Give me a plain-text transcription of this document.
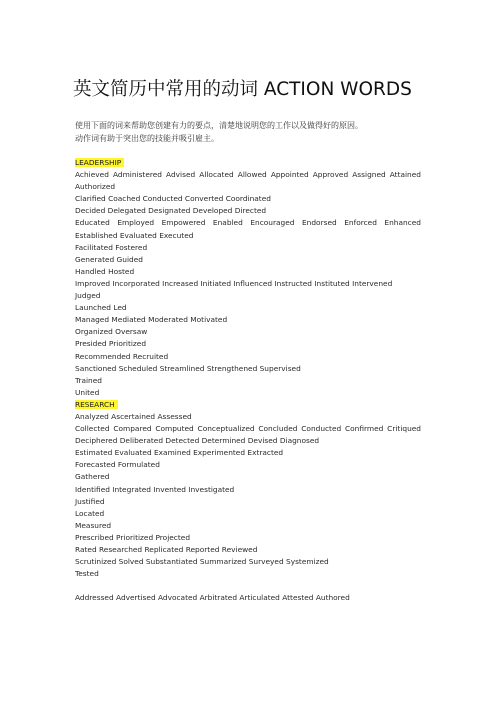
英文简历中常用的动词 ACTION WORDS
使用下面的词来帮助您创建有力的要点，清楚地说明您的工作以及做得好的原因。
动作词有助于突出您的技能并吸引雇主。
LEADERSHIP
Achieved Administered Advised Allocated Allowed Appointed Approved Assigned Attained
Authorized
Clarified Coached Conducted Converted Coordinated
Decided Delegated Designated Developed Directed
Educated Employed Empowered Enabled Encouraged Endorsed Enforced Enhanced
Established Evaluated Executed
Facilitated Fostered
Generated Guided
Handled Hosted
Improved Incorporated Increased Initiated Influenced Instructed Instituted Intervened
Judged
Launched Led
Managed Mediated Moderated Motivated
Organized Oversaw
Presided Prioritized
Recommended Recruited
Sanctioned Scheduled Streamlined Strengthened Supervised
Trained
United
RESEARCH
Analyzed Ascertained Assessed
Collected Compared Computed Conceptualized Concluded Conducted Confirmed Critiqued
Deciphered Deliberated Detected Determined Devised Diagnosed
Estimated Evaluated Examined Experimented Extracted
Forecasted Formulated
Gathered
Identified Integrated Invented Investigated
Justified
Located
Measured
Prescribed Prioritized Projected
Rated Researched Replicated Reported Reviewed
Scrutinized Solved Substantiated Summarized Surveyed Systemized
Tested
Addressed Advertised Advocated Arbitrated Articulated Attested Authored
